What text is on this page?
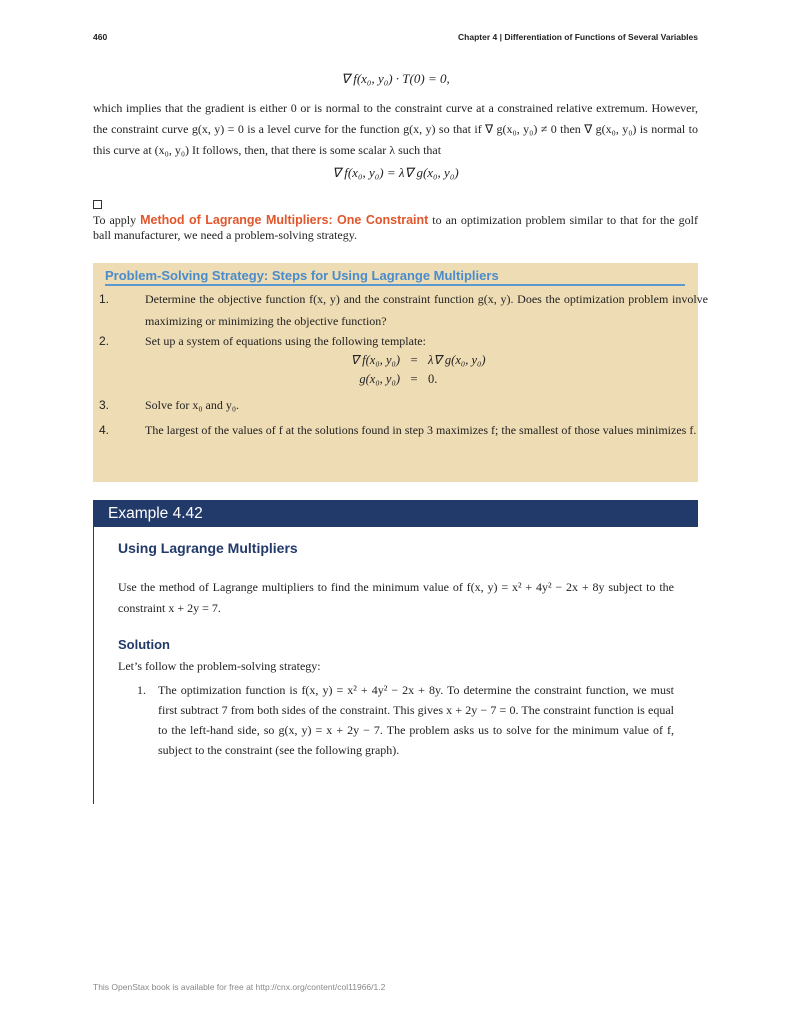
460	Chapter 4 | Differentiation of Functions of Several Variables
∇ f(x₀, y₀) · T(0) = 0,
which implies that the gradient is either 0 or is normal to the constraint curve at a constrained relative extremum. However, the constraint curve g(x, y) = 0 is a level curve for the function g(x, y) so that if ∇ g(x₀, y₀) ≠ 0 then ∇ g(x₀, y₀) is normal to this curve at (x₀, y₀) It follows, then, that there is some scalar λ such that
∇ f(x₀, y₀) = λ∇ g(x₀, y₀)
To apply Method of Lagrange Multipliers: One Constraint to an optimization problem similar to that for the golf ball manufacturer, we need a problem-solving strategy.
Problem-Solving Strategy: Steps for Using Lagrange Multipliers
1.	Determine the objective function f(x, y) and the constraint function g(x, y). Does the optimization problem involve maximizing or minimizing the objective function?
2.	Set up a system of equations using the following template:
∇ f(x₀, y₀) = λ∇ g(x₀, y₀)
g(x₀, y₀) = 0.
3.	Solve for x₀ and y₀.
4.	The largest of the values of f at the solutions found in step 3 maximizes f; the smallest of those values minimizes f.
Example 4.42
Using Lagrange Multipliers
Use the method of Lagrange multipliers to find the minimum value of f(x, y) = x² + 4y² − 2x + 8y subject to the constraint x + 2y = 7.
Solution
Let’s follow the problem-solving strategy:
1. The optimization function is f(x, y) = x² + 4y² − 2x + 8y. To determine the constraint function, we must first subtract 7 from both sides of the constraint. This gives x + 2y − 7 = 0. The constraint function is equal to the left-hand side, so g(x, y) = x + 2y − 7. The problem asks us to solve for the minimum value of f, subject to the constraint (see the following graph).
This OpenStax book is available for free at http://cnx.org/content/col11966/1.2
